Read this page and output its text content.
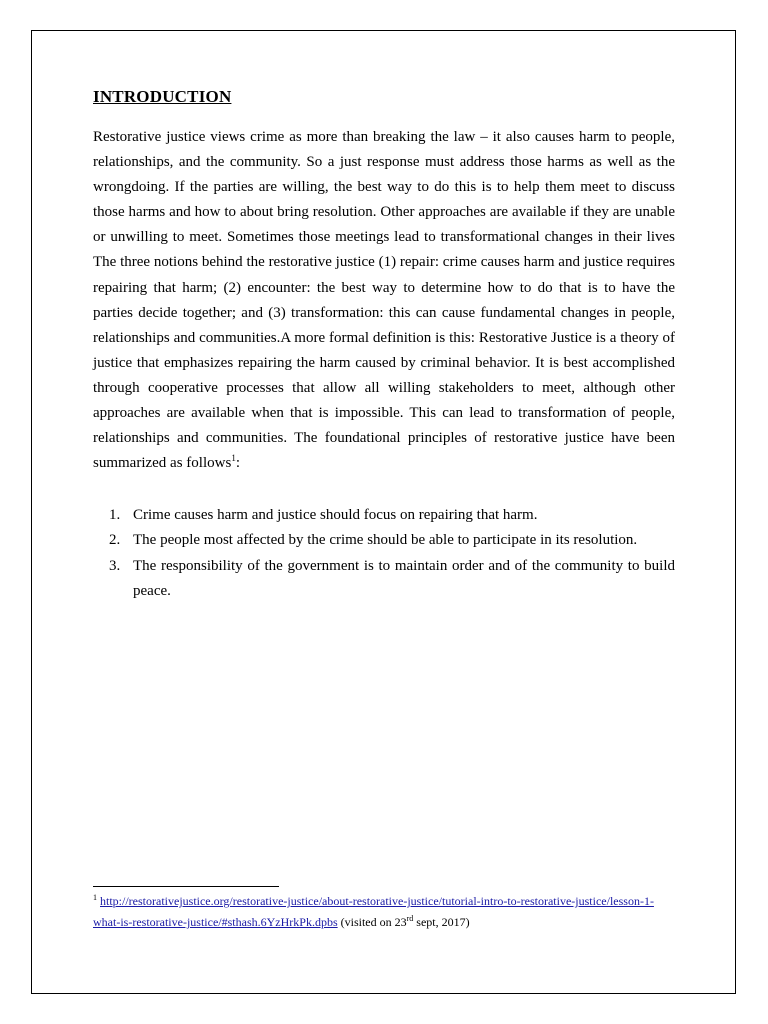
INTRODUCTION

Restorative justice views crime as more than breaking the law – it also causes harm to people, relationships, and the community. So a just response must address those harms as well as the wrongdoing. If the parties are willing, the best way to do this is to help them meet to discuss those harms and how to about bring resolution. Other approaches are available if they are unable or unwilling to meet. Sometimes those meetings lead to transformational changes in their lives The three notions behind the restorative justice (1) repair: crime causes harm and justice requires repairing that harm; (2) encounter: the best way to determine how to do that is to have the parties decide together; and (3) transformation: this can cause fundamental changes in people, relationships and communities.A more formal definition is this: Restorative Justice is a theory of justice that emphasizes repairing the harm caused by criminal behavior. It is best accomplished through cooperative processes that allow all willing stakeholders to meet, although other approaches are available when that is impossible. This can lead to transformation of people, relationships and communities. The foundational principles of restorative justice have been summarized as follows$^1$:

1. Crime causes harm and justice should focus on repairing that harm.
2. The people most affected by the crime should be able to participate in its resolution.
3. The responsibility of the government is to maintain order and of the community to build peace.
$^1$ http://restorativejustice.org/restorative-justice/about-restorative-justice/tutorial-intro-to-restorative-justice/lesson-1-what-is-restorative-justice/#sthash.6YzHrkPk.dpbs (visited on 23rd sept, 2017)
